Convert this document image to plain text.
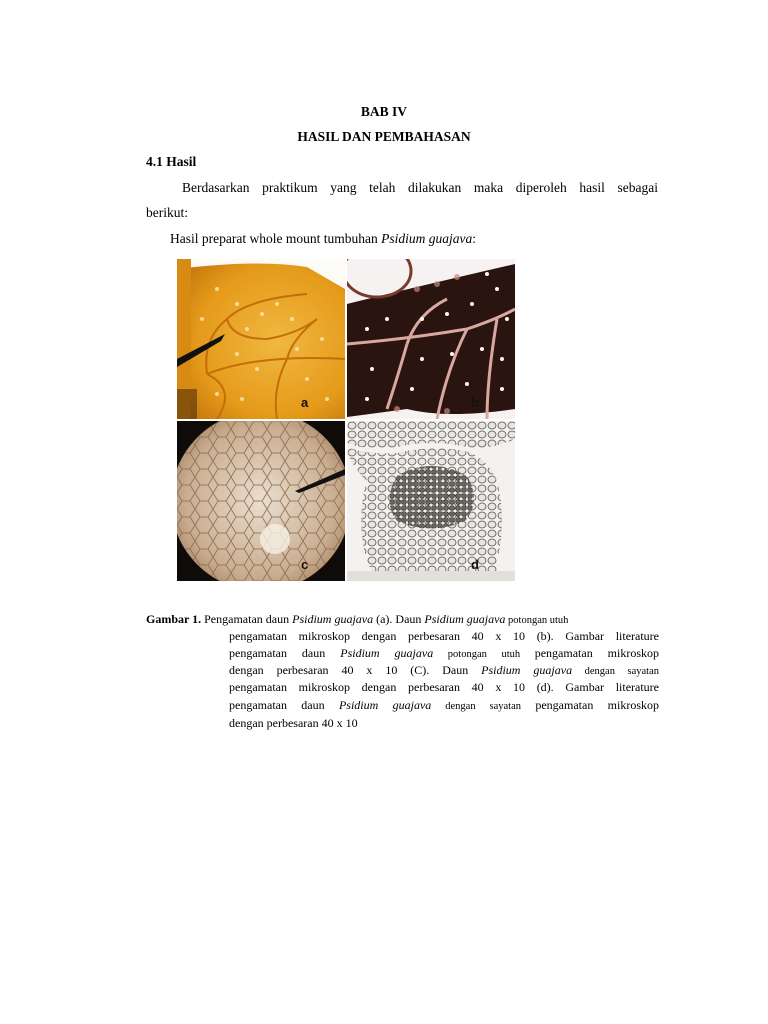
BAB IV
HASIL DAN PEMBAHASAN
4.1 Hasil
Berdasarkan praktikum yang telah dilakukan maka diperoleh hasil sebagai
berikut:
Hasil preparat whole mount tumbuhan Psidium guajava:
a	b
c	d
Gambar 1. Pengamatan daun Psidium guajava (a). Daun Psidium guajava potongan utuh
pengamatan mikroskop dengan perbesaran 40 x 10 (b). Gambar literature
pengamatan daun Psidium guajava potongan utuh pengamatan mikroskop
dengan perbesaran 40 x 10 (C). Daun Psidium guajava dengan sayatan
pengamatan mikroskop dengan perbesaran 40 x 10 (d). Gambar literature
pengamatan daun Psidium guajava dengan sayatan pengamatan mikroskop
dengan perbesaran 40 x 10
